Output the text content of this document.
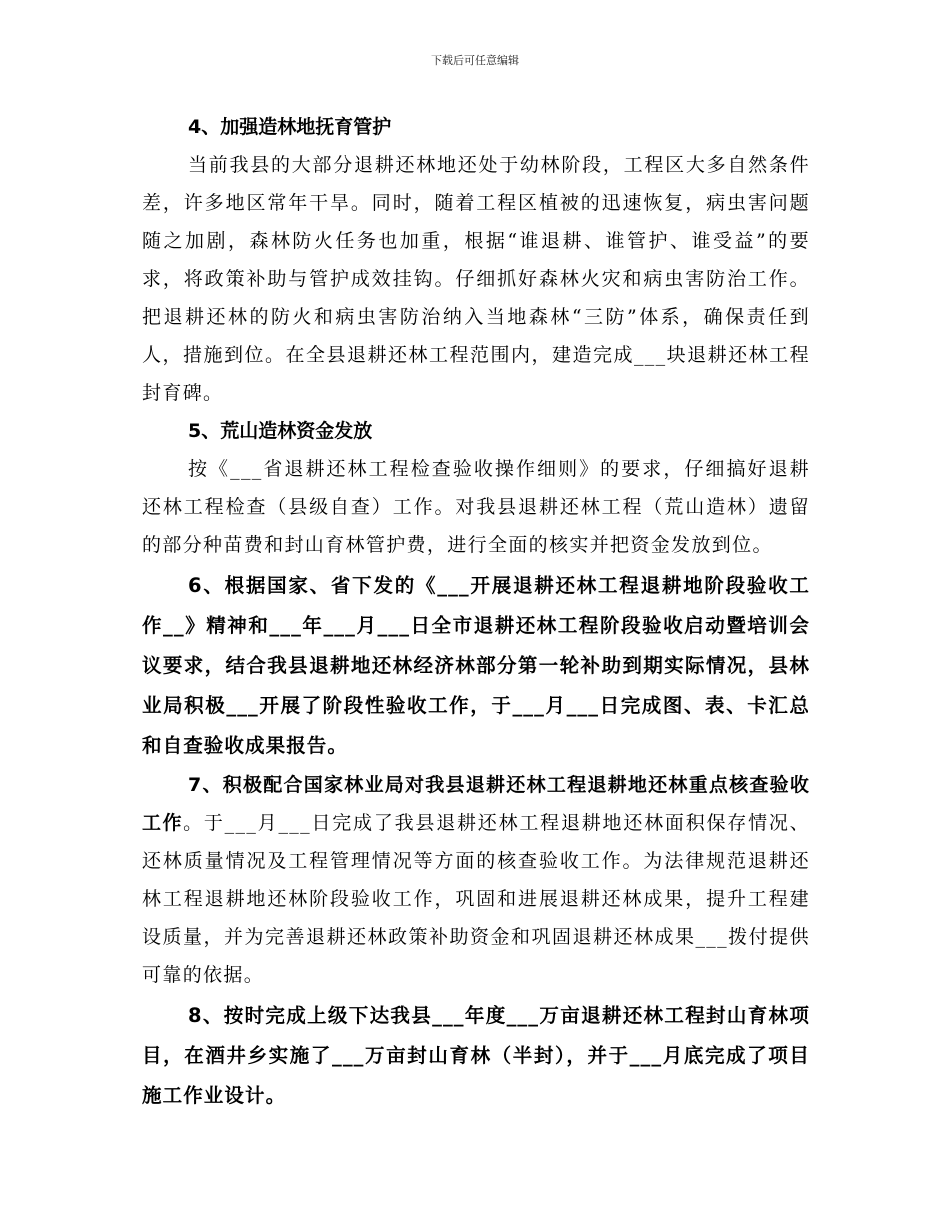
下载后可任意编辑

4、加强造林地抚育管护

当前我县的大部分退耕还林地还处于幼林阶段，工程区大多自然条件差，许多地区常年干旱。同时，随着工程区植被的迅速恢复，病虫害问题随之加剧，森林防火任务也加重，根据“谁退耕、谁管护、谁受益”的要求，将政策补助与管护成效挂钩。仔细抓好森林火灾和病虫害防治工作。把退耕还林的防火和病虫害防治纳入当地森林“三防”体系，确保责任到人，措施到位。在全县退耕还林工程范围内，建造完成___块退耕还林工程封育碑。

5、荒山造林资金发放

按《___省退耕还林工程检查验收操作细则》的要求，仔细搞好退耕还林工程检查（县级自查）工作。对我县退耕还林工程（荒山造林）遗留的部分种苗费和封山育林管护费，进行全面的核实并把资金发放到位。

6、根据国家、省下发的《___开展退耕还林工程退耕地阶段验收工作__》精神和___年___月___日全市退耕还林工程阶段验收启动暨培训会议要求，结合我县退耕地还林经济林部分第一轮补助到期实际情况，县林业局积极___开展了阶段性验收工作，于___月___日完成图、表、卡汇总和自查验收成果报告。

7、积极配合国家林业局对我县退耕还林工程退耕地还林重点核查验收工作。于___月___日完成了我县退耕还林工程退耕地还林面积保存情况、还林质量情况及工程管理情况等方面的核查验收工作。为法律规范退耕还林工程退耕地还林阶段验收工作，巩固和进展退耕还林成果，提升工程建设质量，并为完善退耕还林政策补助资金和巩固退耕还林成果___拨付提供可靠的依据。

8、按时完成上级下达我县___年度___万亩退耕还林工程封山育林项目，在酒井乡实施了___万亩封山育林（半封），并于___月底完成了项目施工作业设计。
